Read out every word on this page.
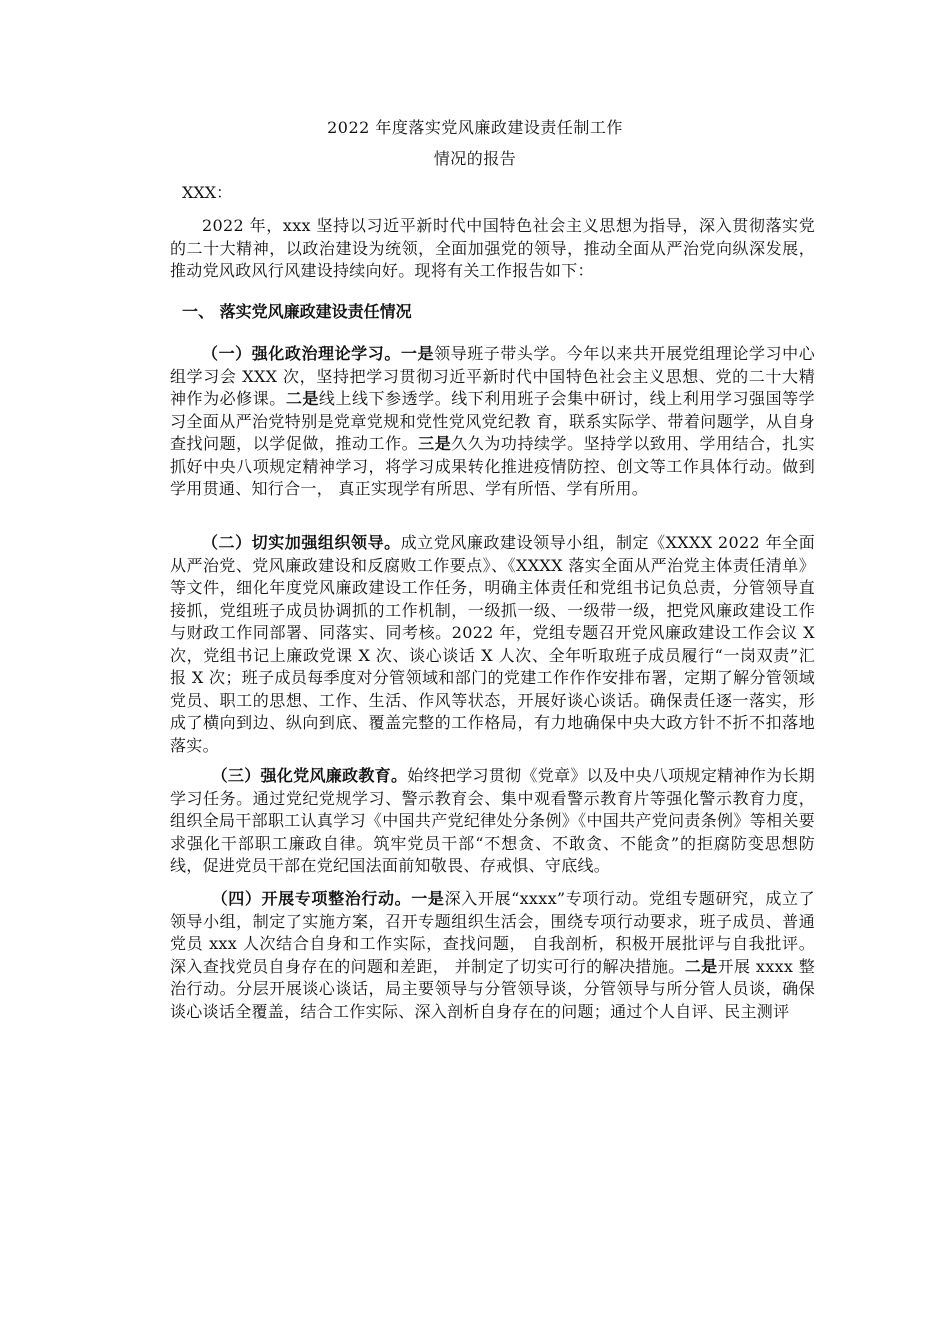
2022 年度落实党风廉政建设责任制工作
情况的报告
XXX：
2022 年，xxx 坚持以习近平新时代中国特色社会主义思想为指导，深入贯彻落实党的二十大精神，以政治建设为统领，全面加强党的领导，推动全面从严治党向纵深发展，推动党风政风行风建设持续向好。现将有关工作报告如下：
一、 落实党风廉政建设责任情况
（一）强化政治理论学习。一是领导班子带头学。今年以来共开展党组理论学习中心组学习会 XXX 次，坚持把学习贯彻习近平新时代中国特色社会主义思想、党的二十大精神作为必修课。二是线上线下参透学。线下利用班子会集中研讨，线上利用学习强国等学习全面从严治党特别是党章党规和党性党风党纪教 育，联系实际学、带着问题学，从自身查找问题，以学促做，推动工作。三是久久为功持续学。坚持学以致用、学用结合，扎实抓好中央八项规定精神学习，将学习成果转化推进疫情防控、创文等工作具体行动。做到学用贯通、知行合一， 真正实现学有所思、学有所悟、学有所用。
（二）切实加强组织领导。成立党风廉政建设领导小组，制定《XXXX 2022 年全面从严治党、党风廉政建设和反腐败工作要点》、《XXXX 落实全面从严治党主体责任清单》等文件，细化年度党风廉政建设工作任务，明确主体责任和党组书记负总责，分管领导直接抓，党组班子成员协调抓的工作机制，一级抓一级、一级带一级，把党风廉政建设工作与财政工作同部署、同落实、同考核。2022 年，党组专题召开党风廉政建设工作会议 X 次，党组书记上廉政党课 X 次、谈心谈话 X 人次、全年听取班子成员履行“一岗双责”汇报 X 次；班子成员每季度对分管领域和部门的党建工作作作安排布署，定期了解分管领域党员、职工的思想、工作、生活、作风等状态，开展好谈心谈话。确保责任逐一落实，形成了横向到边、纵向到底、覆盖完整的工作格局，有力地确保中央大政方针不折不扣落地落实。
（三）强化党风廉政教育。始终把学习贯彻《党章》以及中央八项规定精神作为长期学习任务。通过党纪党规学习、警示教育会、集中观看警示教育片等强化警示教育力度，组织全局干部职工认真学习《中国共产党纪律处分条例》《中国共产党问责条例》等相关要求强化干部职工廉政自律。筑牢党员干部“不想贪、不敢贪、不能贪”的拒腐防变思想防线，促进党员干部在党纪国法面前知敬畏、存戒惧、守底线。
（四）开展专项整治行动。一是深入开展“xxxx”专项行动。党组专题研究，成立了领导小组，制定了实施方案，召开专题组织生活会，围绕专项行动要求，班子成员、普通党员 xxx 人次结合自身和工作实际，查找问题， 自我剖析，积极开展批评与自我批评。深入查找党员自身存在的问题和差距， 并制定了切实可行的解决措施。二是开展 xxxx 整治行动。分层开展谈心谈话，局主要领导与分管领导谈，分管领导与所分管人员谈，确保谈心谈话全覆盖，结合工作实际、深入剖析自身存在的问题；通过个人自评、民主测评
